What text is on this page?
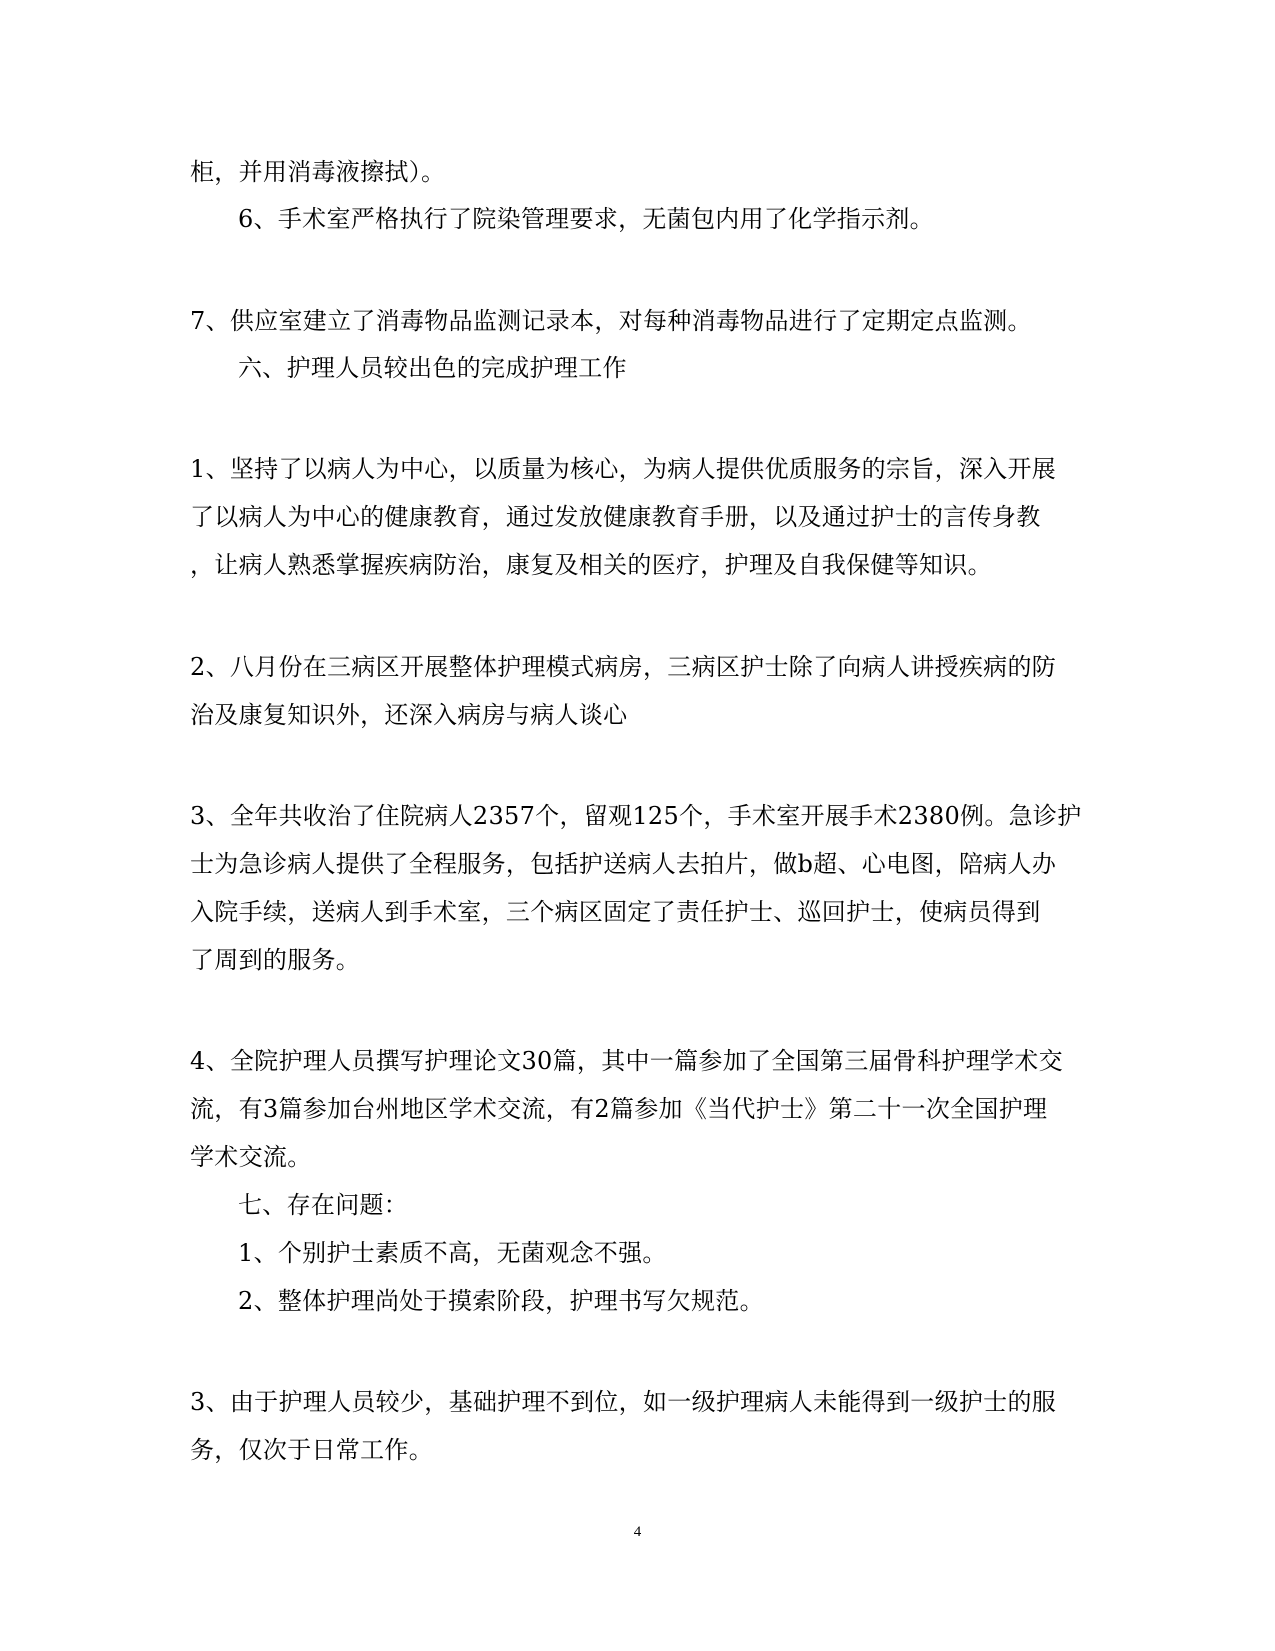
柜，并用消毒液擦拭）。

6、手术室严格执行了院染管理要求，无菌包内用了化学指示剂。

7、供应室建立了消毒物品监测记录本，对每种消毒物品进行了定期定点监测。

六、护理人员较出色的完成护理工作

1、坚持了以病人为中心，以质量为核心，为病人提供优质服务的宗旨，深入开展

了以病人为中心的健康教育，通过发放健康教育手册，以及通过护士的言传身教

，让病人熟悉掌握疾病防治，康复及相关的医疗，护理及自我保健等知识。

2、八月份在三病区开展整体护理模式病房，三病区护士除了向病人讲授疾病的防

治及康复知识外，还深入病房与病人谈心

3、全年共收治了住院病人2357个，留观125个，手术室开展手术2380例。急诊护

士为急诊病人提供了全程服务，包括护送病人去拍片，做b超、心电图，陪病人办

入院手续，送病人到手术室，三个病区固定了责任护士、巡回护士，使病员得到

了周到的服务。

4、全院护理人员撰写护理论文30篇，其中一篇参加了全国第三届骨科护理学术交

流，有3篇参加台州地区学术交流，有2篇参加《当代护士》第二十一次全国护理

学术交流。

七、存在问题：

1、个别护士素质不高，无菌观念不强。

2、整体护理尚处于摸索阶段，护理书写欠规范。

3、由于护理人员较少，基础护理不到位，如一级护理病人未能得到一级护士的服

务，仅次于日常工作。

4
